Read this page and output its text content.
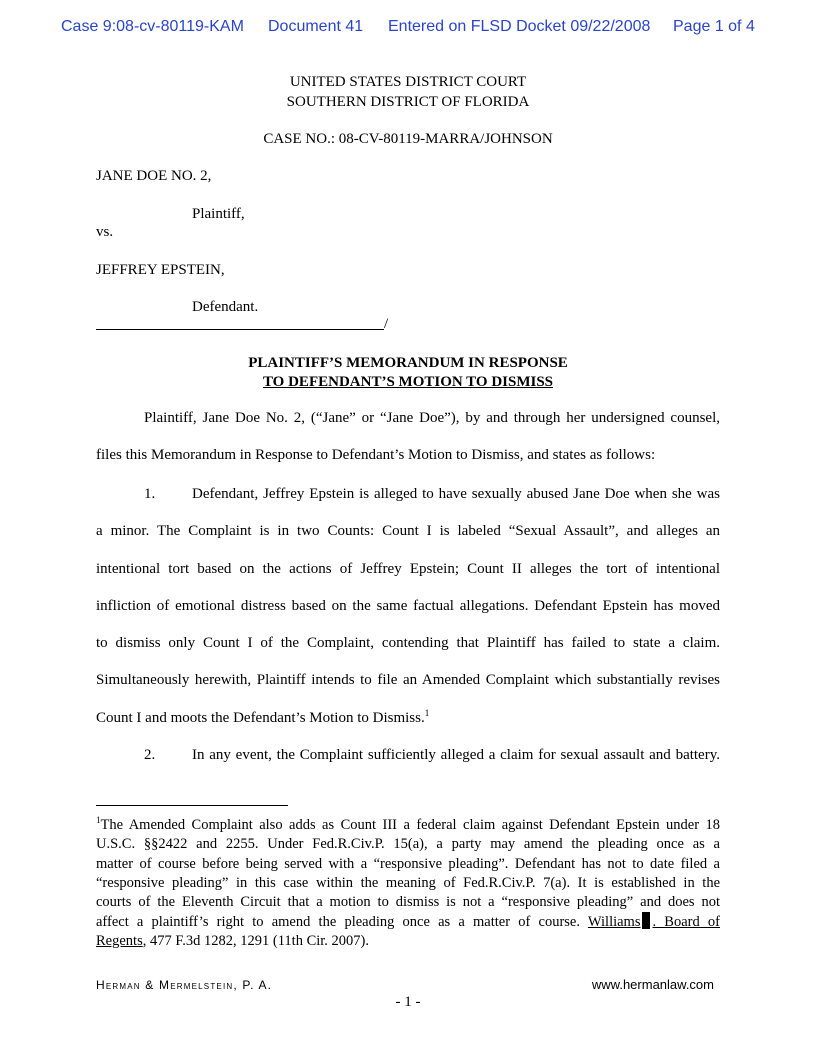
Case 9:08-cv-80119-KAM Document 41 Entered on FLSD Docket 09/22/2008 Page 1 of 4
UNITED STATES DISTRICT COURT
SOUTHERN DISTRICT OF FLORIDA
CASE NO.: 08-CV-80119-MARRA/JOHNSON
JANE DOE NO. 2,
Plaintiff,
vs.
JEFFREY EPSTEIN,
Defendant.
/
PLAINTIFF’S MEMORANDUM IN RESPONSE
TO DEFENDANT’S MOTION TO DISMISS
Plaintiff, Jane Doe No. 2, (“Jane” or “Jane Doe”), by and through her undersigned counsel,
files this Memorandum in Response to Defendant’s Motion to Dismiss, and states as follows:
1. Defendant, Jeffrey Epstein is alleged to have sexually abused Jane Doe when she was
a minor. The Complaint is in two Counts: Count I is labeled “Sexual Assault”, and alleges an
intentional tort based on the actions of Jeffrey Epstein; Count II alleges the tort of intentional
infliction of emotional distress based on the same factual allegations. Defendant Epstein has moved
to dismiss only Count I of the Complaint, contending that Plaintiff has failed to state a claim.
Simultaneously herewith, Plaintiff intends to file an Amended Complaint which substantially revises
Count I and moots the Defendant’s Motion to Dismiss.$^1$
2. In any event, the Complaint sufficiently alleged a claim for sexual assault and battery.
$^1$The Amended Complaint also adds as Count III a federal claim against Defendant Epstein under 18
U.S.C. §§2422 and 2255. Under Fed.R.Civ.P. 15(a), a party may amend the pleading once as a
matter of course before being served with a “responsive pleading”. Defendant has not to date filed a
“responsive pleading” in this case within the meaning of Fed.R.Civ.P. 7(a). It is established in the
courts of the Eleventh Circuit that a motion to dismiss is not a “responsive pleading” and does not
affect a plaintiff’s right to amend the pleading once as a matter of course. Williams . Board of
Regents, 477 F.3d 1282, 1291 (11th Cir. 2007).
Herman & Mermelstein, P. A.	www.hermanlaw.com
- 1 -
